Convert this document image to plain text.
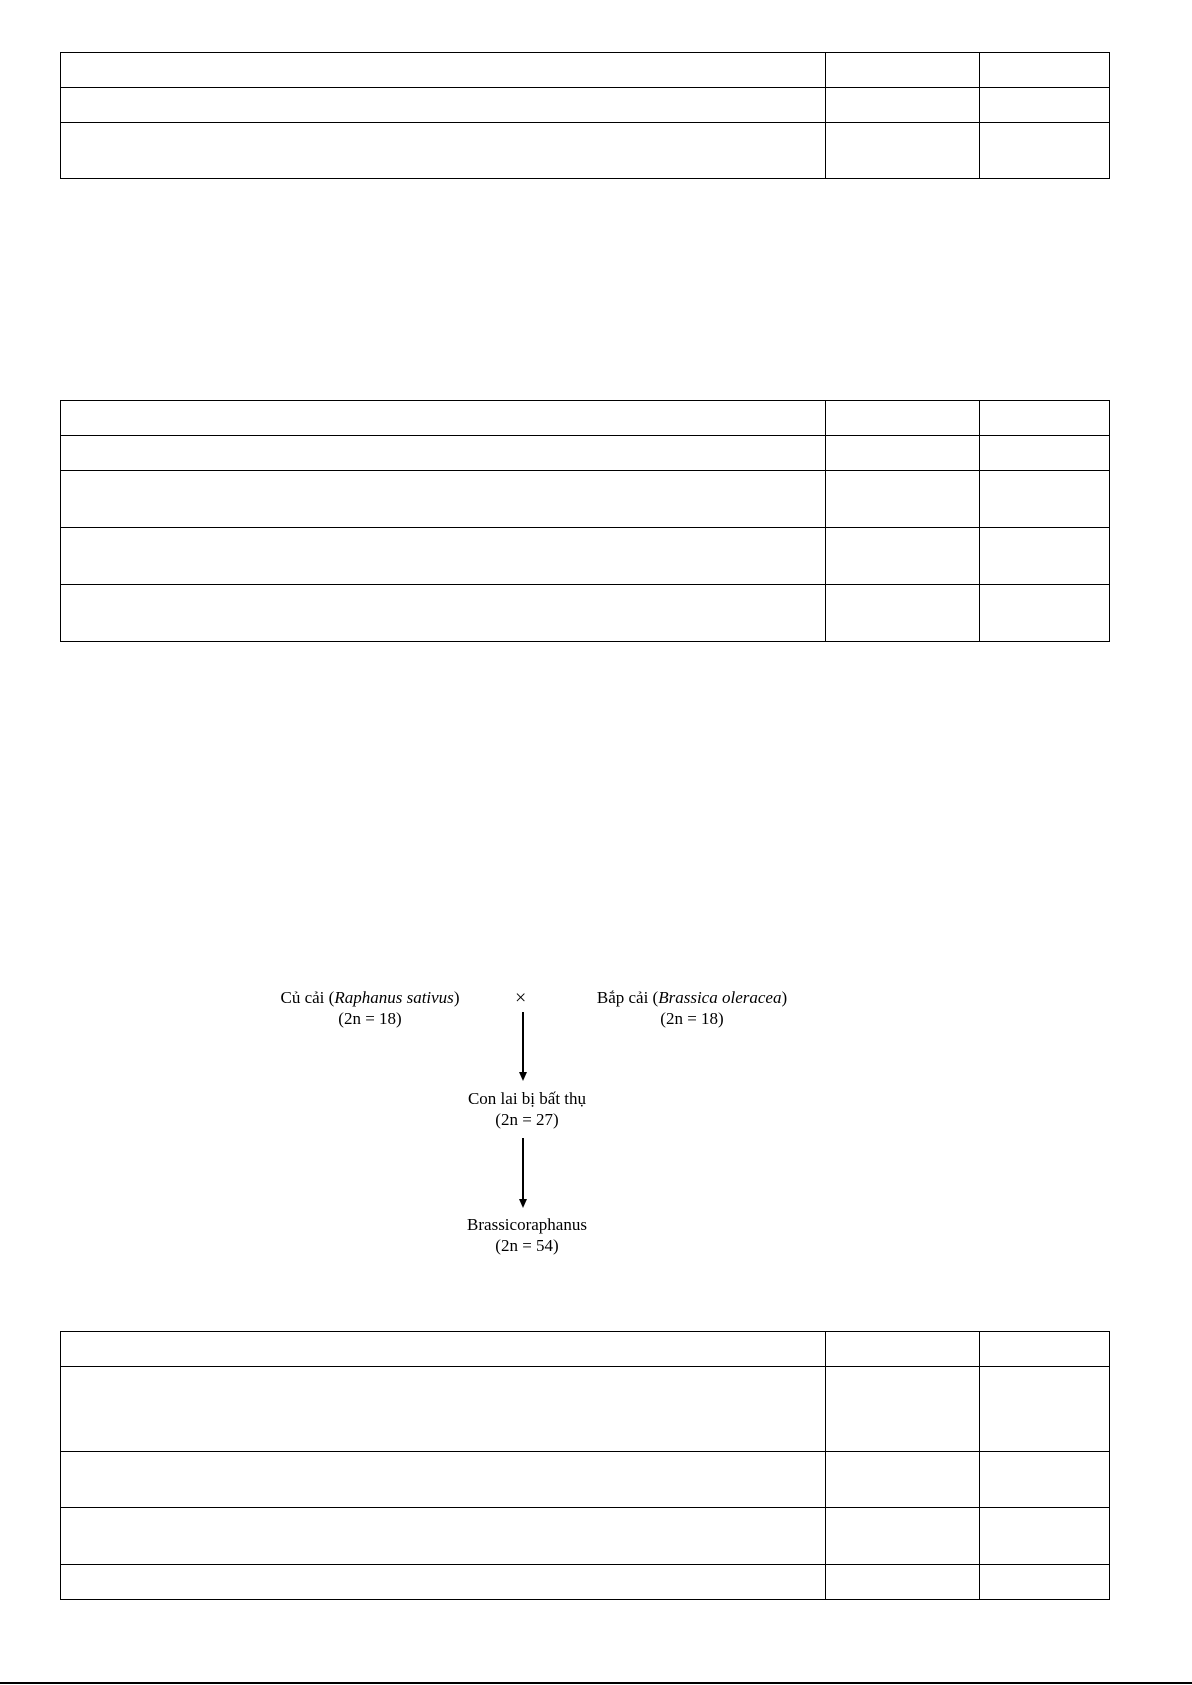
Củ cải (Raphanus sativus)
(2n = 18)
×	Bắp cải (Brassica oleracea)
(2n = 18)
Con lai bị bất thụ
(2n = 27)
Brassicoraphanus
(2n = 54)
